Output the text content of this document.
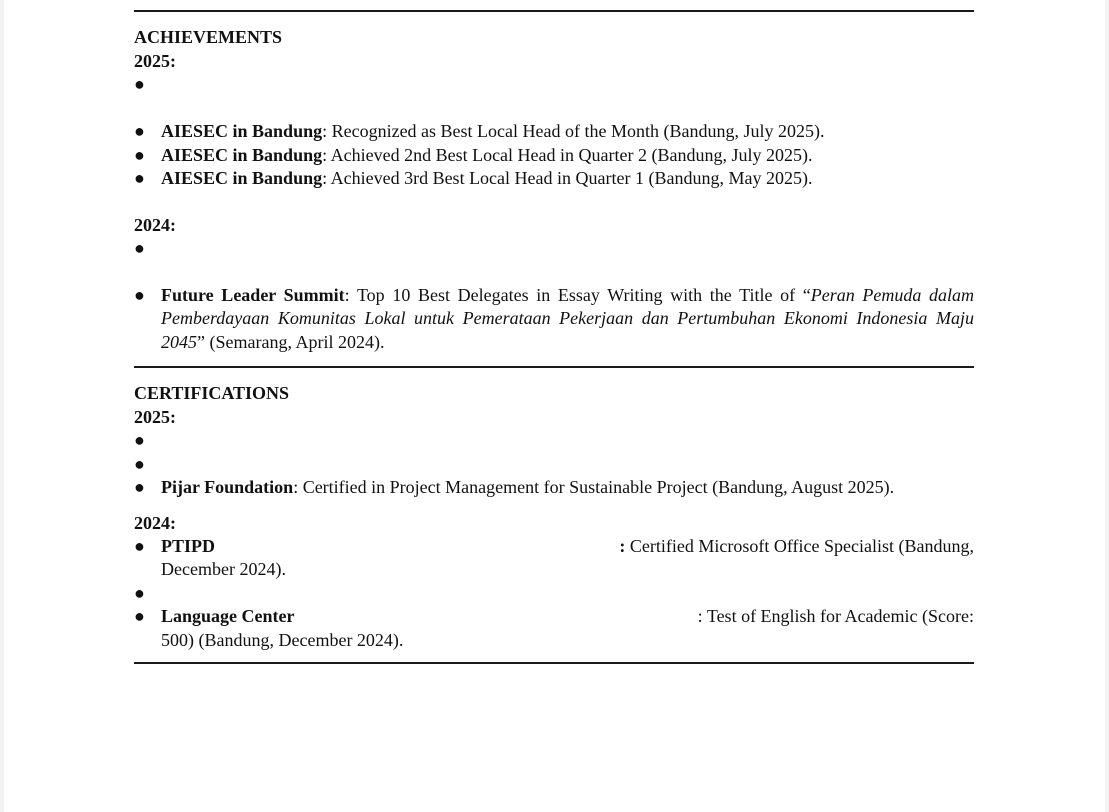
ACHIEVEMENTS
2025:
●

● AIESEC in Bandung: Recognized as Best Local Head of the Month (Bandung, July 2025).
● AIESEC in Bandung: Achieved 2nd Best Local Head in Quarter 2 (Bandung, July 2025).
● AIESEC in Bandung: Achieved 3rd Best Local Head in Quarter 1 (Bandung, May 2025).
2024:
●

● Future Leader Summit: Top 10 Best Delegates in Essay Writing with the Title of “Peran Pemuda dalam Pemberdayaan Komunitas Lokal untuk Pemerataan Pekerjaan dan Pertumbuhan Ekonomi Indonesia Maju 2045” (Semarang, April 2024).
CERTIFICATIONS
2025:
●

●

● Pijar Foundation: Certified in Project Management for Sustainable Project (Bandung, August 2025).
2024:
● PTIPD	: Certified Microsoft Office Specialist (Bandung,
December 2024).
●

● Language Center	: Test of English for Academic (Score:
500) (Bandung, December 2024).
